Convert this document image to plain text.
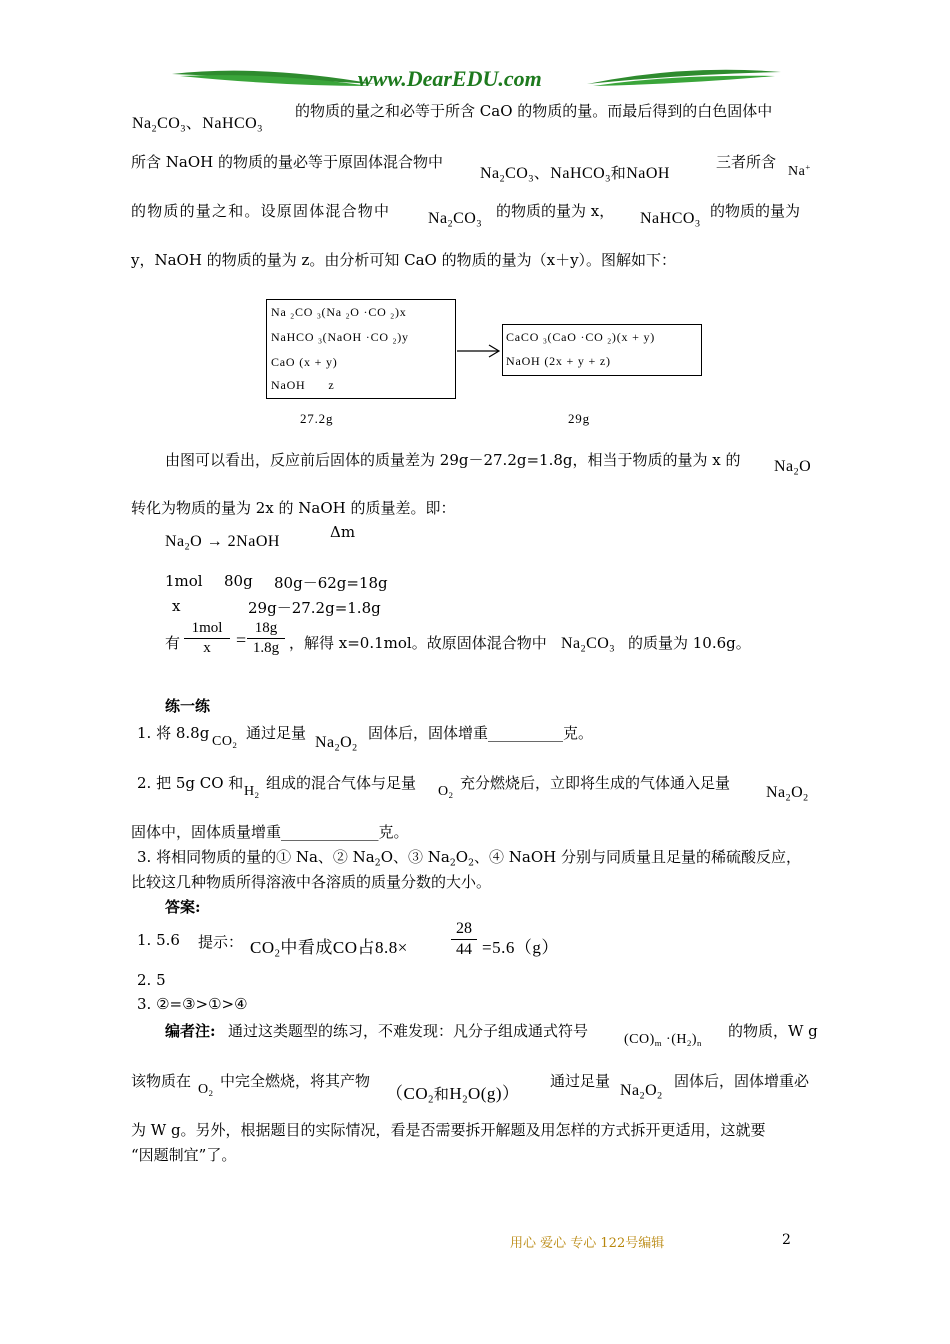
www.DearEDU.com
$Na_2CO_3$、NaHCO$_3$
的物质的量之和必等于所含 CaO 的物质的量。而最后得到的白色固体中
所含 NaOH 的物质的量必等于原固体混合物中
$Na_2CO_3$、NaHCO$_3$和NaOH
三者所含
Na+
的物质的量之和。设原固体混合物中 $Na_2CO_3$
的物质的量为 x， NaHCO$_3$
的物质的量为
y，NaOH 的物质的量为 z。由分析可知 CaO 的物质的量为（x＋y）。图解如下：
Na $_2$CO $_3$(Na $_2$O ·CO $_2$)x
NaHCO $_3$(NaOH ·CO $_2$)y
CaO (x + y)
NaOH      z
CaCO $_3$(CaO ·CO $_2$)(x + y)
NaOH (2x + y + z)
27.2g	29g
由图可以看出，反应前后固体的质量差为 29g－27.2g=1.8g，相当于物质的量为 x 的 $Na_2O$
转化为物质的量为 2x 的 NaOH 的质量差。即：
Δm
$Na_2O$ → 2NaOH
1mol 80g 80g－62g=18g
x	29g－27.2g=1.8g
有
1mol
x	=
18g
1.8g ，解得 x=0.1mol。故原固体混合物中 $Na_2CO_3$ 的质量为 10.6g。
练一练
1. 将 8.8g $CO_2$
通过足量
$Na_2O_2$
固体后，固体增重__________克。
2. 把 5g CO 和 $H_2$
组成的混合气体与足量 $O_2$
充分燃烧后，立即将生成的气体通入足量
$Na_2O_2$
固体中，固体质量增重_____________克。
3. 将相同物质的量的① Na、② $Na_2O$、③ $Na_2O_2$、④ NaOH 分别与同质量且足量的稀硫酸反应，
比较这几种物质所得溶液中各溶质的质量分数的大小。
答案:
1. 5.6 提示： $CO_2$中看成CO占8.8×
28
44 =5.6（g）
2. 5
3. ②=③>①>④
编者注: 通过这类题型的练习，不难发现：凡分子组成通式符号	$(CO)_m \cdot(H_2)_n$
的物质，W g
该物质在 $O_2$
中完全燃烧，将其产物
（$CO_2$和$H_2O(g)$）
通过足量
$Na_2O_2$
固体后，固体增重必
为 W g。另外，根据题目的实际情况，看是否需要拆开解题及用怎样的方式拆开更适用，这就要
“因题制宜”了。
用心 爱心 专心 122号编辑	2
